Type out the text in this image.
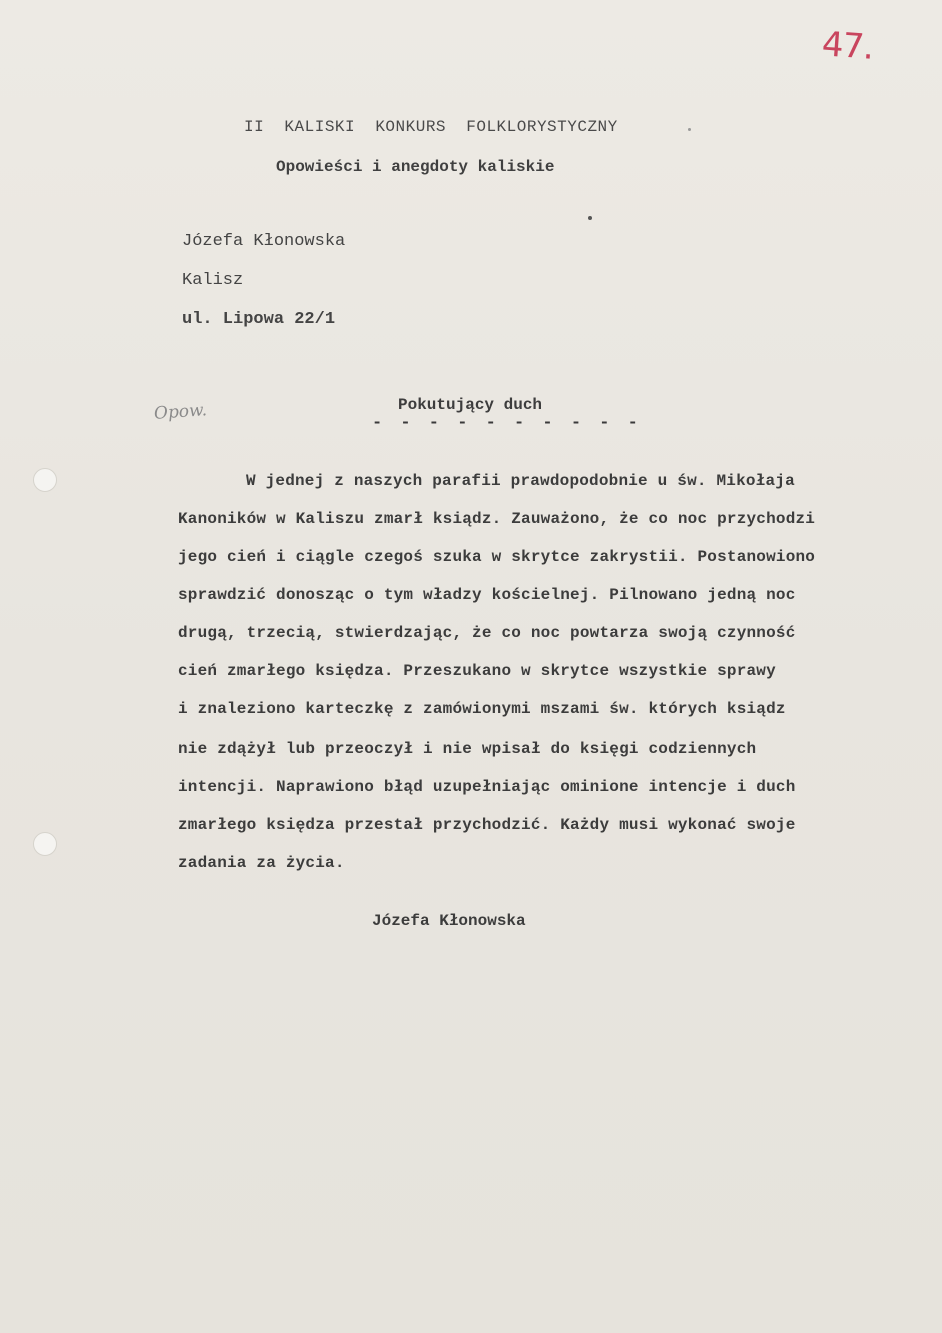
47.
II  KALISKI  KONKURS  FOLKLORYSTYCZNY
Opowieści i anegdoty kaliskie
Józefa Kłonowska
Kalisz
ul. Lipowa 22/1
Opow.	Pokutujący duch
- - - - - - - - - -
W jednej z naszych parafii prawdopodobnie u św. Mikołaja
Kanoników w Kaliszu zmarł ksiądz. Zauważono, że co noc przychodzi
jego cień i ciągle czegoś szuka w skrytce zakrystii. Postanowiono
sprawdzić donosząc o tym władzy kościelnej. Pilnowano jedną noc
drugą, trzecią, stwierdzając, że co noc powtarza swoją czynność
cień zmarłego księdza. Przeszukano w skrytce wszystkie sprawy
i znaleziono karteczkę z zamówionymi mszami św. których ksiądz
nie zdążył lub przeoczył i nie wpisał do księgi codziennych
intencji. Naprawiono błąd uzupełniając ominione intencje i duch
zmarłego księdza przestał przychodzić. Każdy musi wykonać swoje
zadania za życia.
Józefa Kłonowska
